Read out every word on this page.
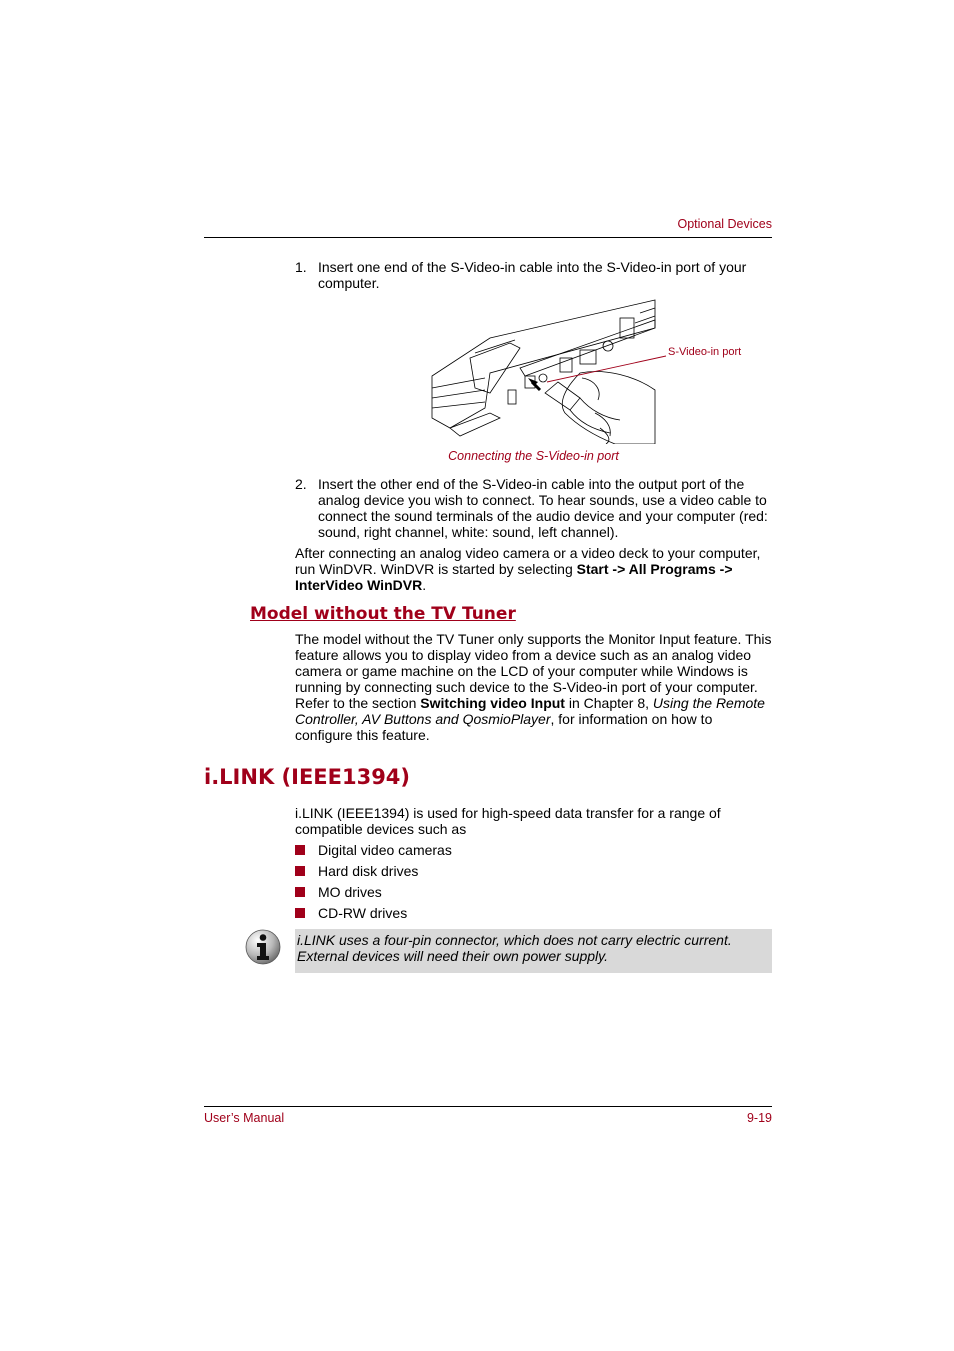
Optional Devices
1. Insert one end of the S-Video-in cable into the S-Video-in port of your computer.
S-Video-in port
Connecting the S-Video-in port
2. Insert the other end of the S-Video-in cable into the output port of the analog device you wish to connect. To hear sounds, use a video cable to connect the sound terminals of the audio device and your computer (red: sound, right channel, white: sound, left channel).
After connecting an analog video camera or a video deck to your computer, run WinDVR. WinDVR is started by selecting Start -> All Programs -> InterVideo WinDVR.
Model without the TV Tuner
The model without the TV Tuner only supports the Monitor Input feature. This feature allows you to display video from a device such as an analog video camera or game machine on the LCD of your computer while Windows is running by connecting such device to the S-Video-in port of your computer. Refer to the section Switching video Input in Chapter 8, Using the Remote Controller, AV Buttons and QosmioPlayer, for information on how to configure this feature.
i.LINK (IEEE1394)
i.LINK (IEEE1394) is used for high-speed data transfer for a range of compatible devices such as
Digital video cameras
Hard disk drives
MO drives
CD-RW drives
i.LINK uses a four-pin connector, which does not carry electric current. External devices will need their own power supply.
User’s Manual	9-19
